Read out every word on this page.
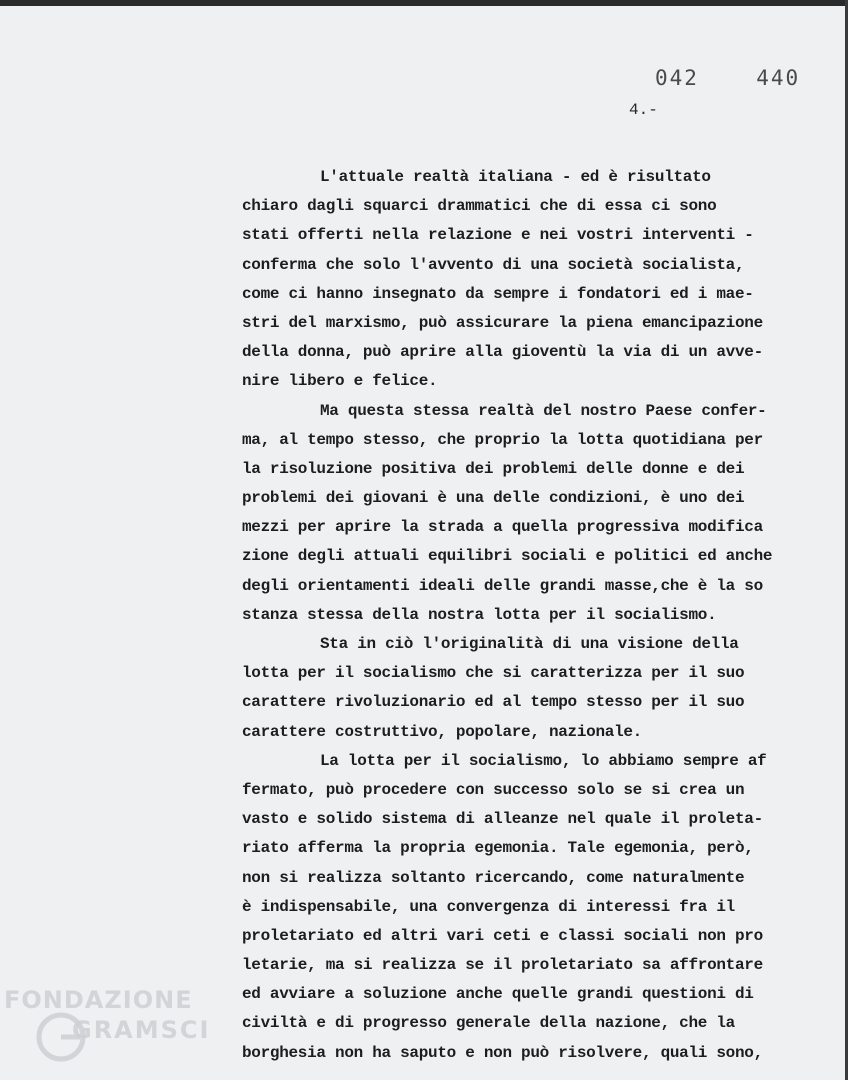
042  440
4.-
L'attuale realtà italiana - ed è risultato
chiaro dagli squarci drammatici che di essa ci sono
stati offerti nella relazione e nei vostri interventi -
conferma che solo l'avvento di una società socialista,
come ci hanno insegnato da sempre i fondatori ed i mae-
stri del marxismo, può assicurare la piena emancipazione
della donna, può aprire alla gioventù la via di un avve-
nire libero e felice.
Ma questa stessa realtà del nostro Paese confer-
ma, al tempo stesso, che proprio la lotta quotidiana per
la risoluzione positiva dei problemi delle donne e dei
problemi dei giovani è una delle condizioni, è uno dei
mezzi per aprire la strada a quella progressiva modifica
zione degli attuali equilibri sociali e politici ed anche
degli orientamenti ideali delle grandi masse,che è la so
stanza stessa della nostra lotta per il socialismo.
Sta in ciò l'originalità di una visione della
lotta per il socialismo che si caratterizza per il suo
carattere rivoluzionario ed al tempo stesso per il suo
carattere costruttivo, popolare, nazionale.
La lotta per il socialismo, lo abbiamo sempre af
fermato, può procedere con successo solo se si crea un
vasto e solido sistema di alleanze nel quale il proleta-
riato afferma la propria egemonia. Tale egemonia, però,
non si realizza soltanto ricercando, come naturalmente
è indispensabile, una convergenza di interessi fra il
proletariato ed altri vari ceti e classi sociali non pro
letarie, ma si realizza se il proletariato sa affrontare
ed avviare a soluzione anche quelle grandi questioni di
civiltà e di progresso generale della nazione, che la
borghesia non ha saputo e non può risolvere, quali sono,
FONDAZIONE
GRAMSCI
